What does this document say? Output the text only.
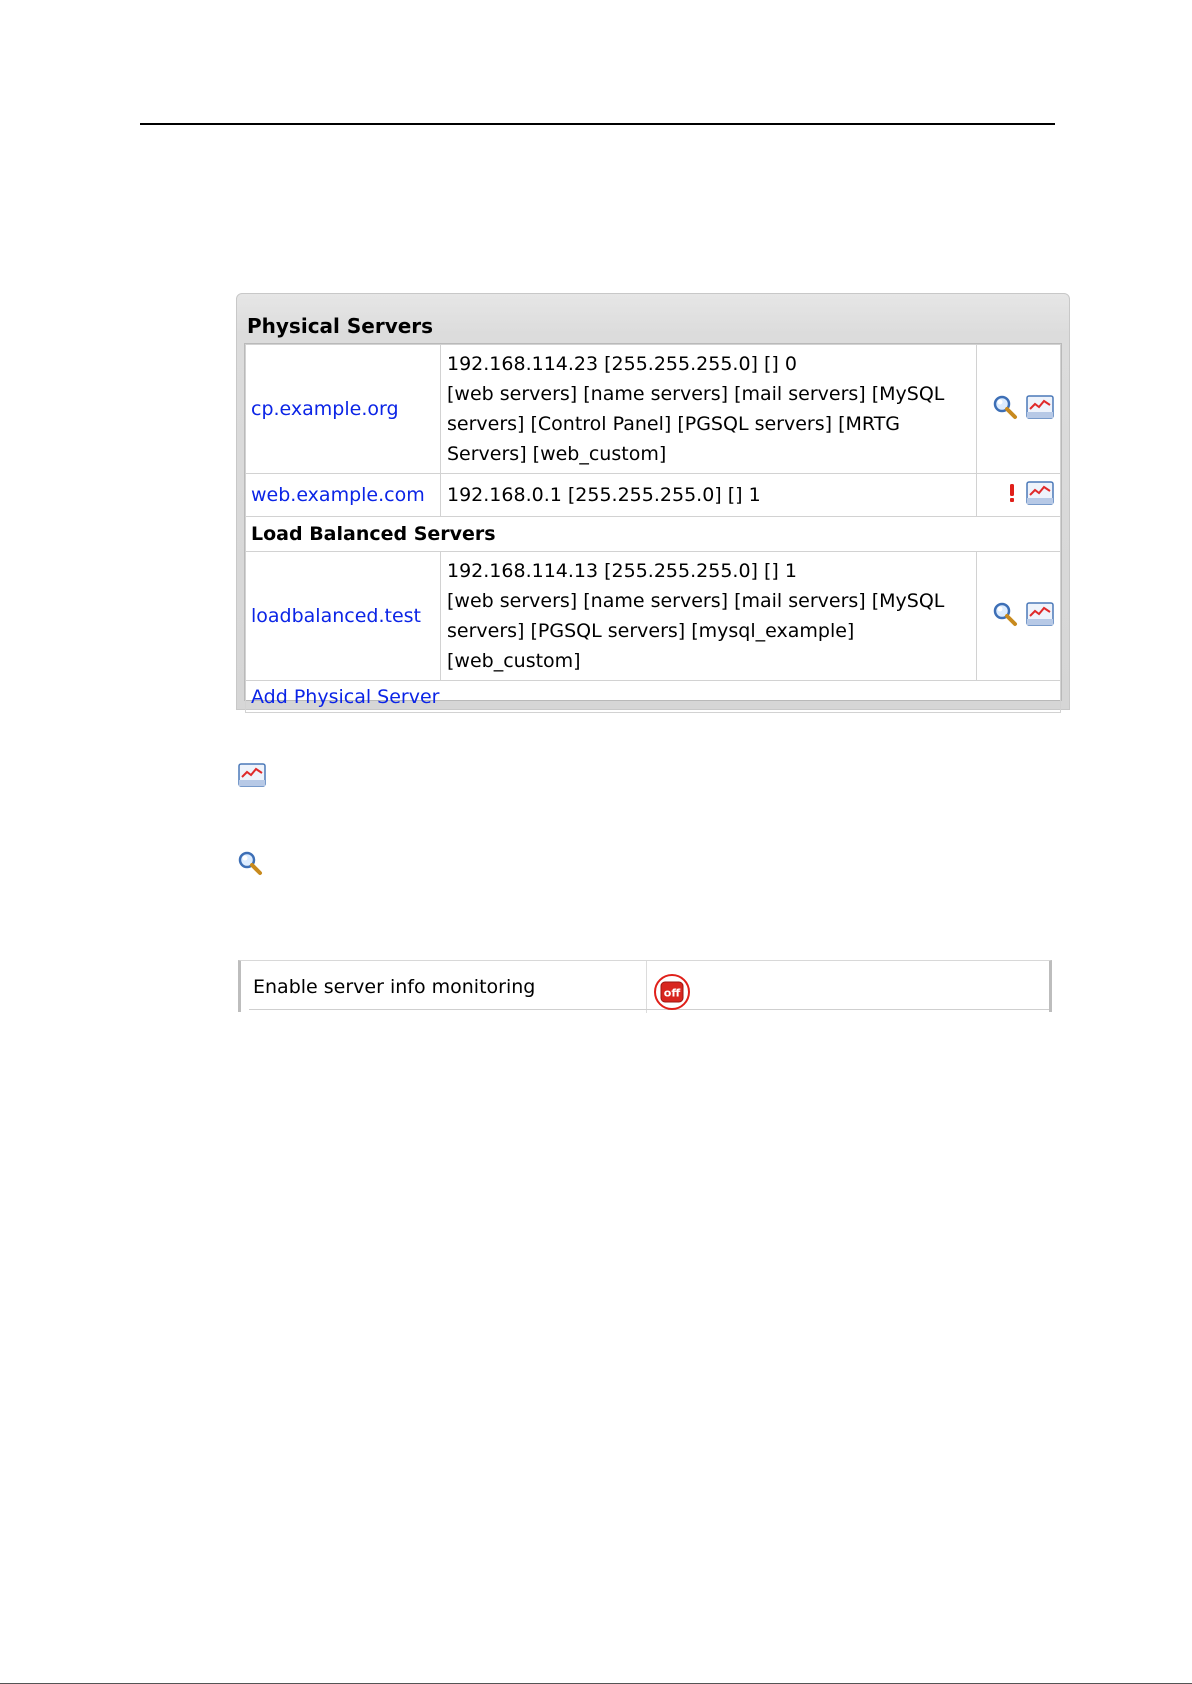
Physical Servers
cp.example.org	192.168.114.23 [255.255.255.0] [] 0
[web servers] [name servers] [mail servers] [MySQL
servers] [Control Panel] [PGSQL servers] [MRTG
Servers] [web_custom]

web.example.com	192.168.0.1 [255.255.255.0] [] 1

Load Balanced Servers		
loadbalanced.test	192.168.114.13 [255.255.255.0] [] 1
[web servers] [name servers] [mail servers] [MySQL
servers] [PGSQL servers] [mysql_example]
[web_custom]

Add Physical Server		
Enable server info monitoring	off
